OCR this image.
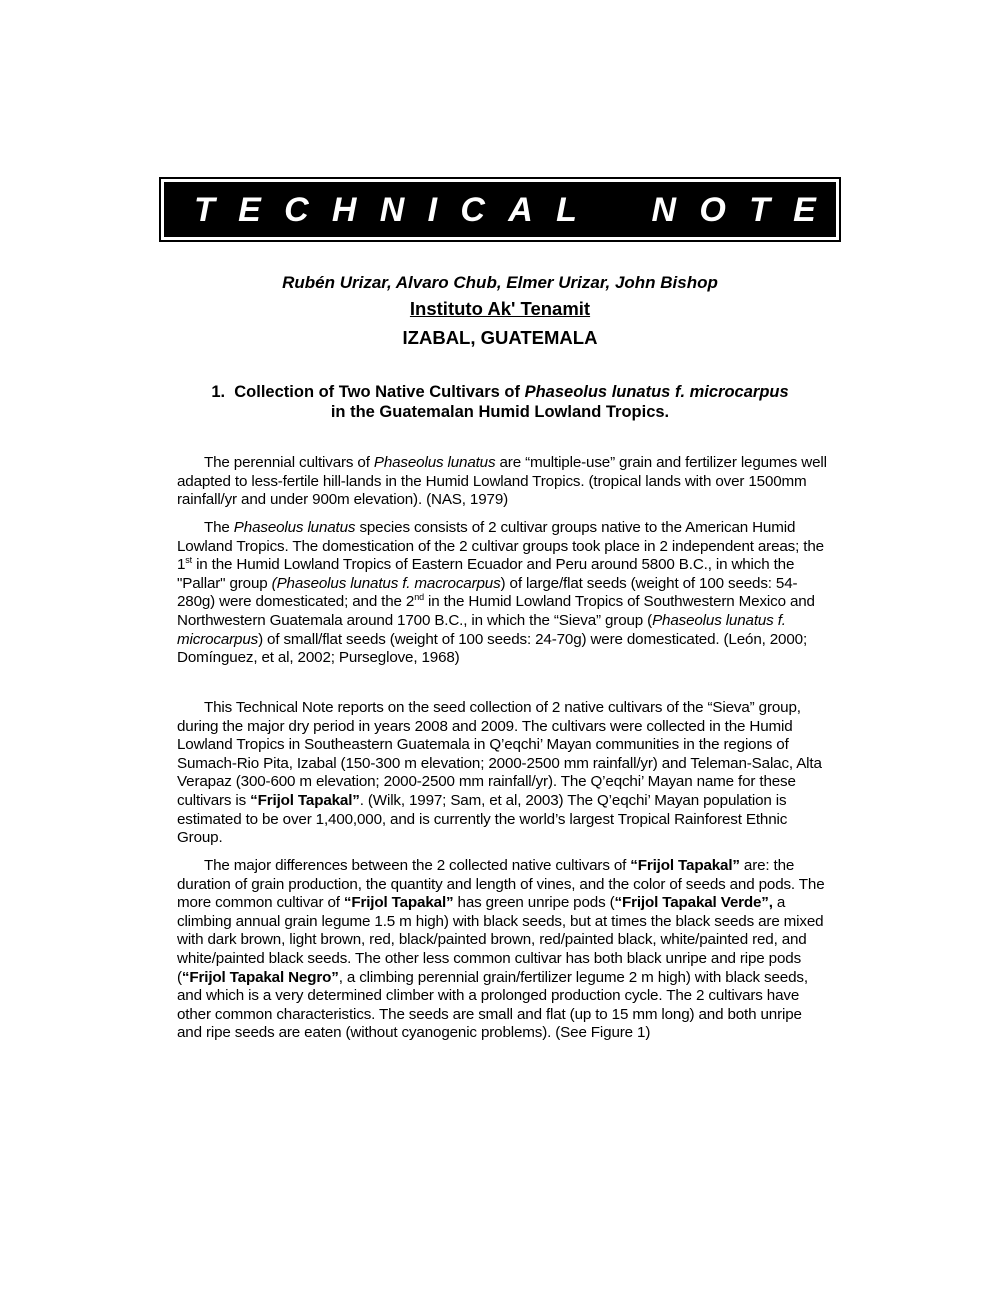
T E C H N I C A L N O T E
Rubén Urizar, Alvaro Chub, Elmer Urizar, John Bishop
Instituto Ak' Tenamit
IZABAL, GUATEMALA
1. Collection of Two Native Cultivars of Phaseolus lunatus f. microcarpus
in the Guatemalan Humid Lowland Tropics.

The perennial cultivars of Phaseolus lunatus are “multiple-use” grain and fertilizer legumes well adapted to less-fertile hill-lands in the Humid Lowland Tropics. (tropical lands with over 1500mm rainfall/yr and under 900m elevation). (NAS, 1979)

The Phaseolus lunatus species consists of 2 cultivar groups native to the American Humid Lowland Tropics. The domestication of the 2 cultivar groups took place in 2 independent areas; the 1st in the Humid Lowland Tropics of Eastern Ecuador and Peru around 5800 B.C., in which the "Pallar" group (Phaseolus lunatus f. macrocarpus) of large/flat seeds (weight of 100 seeds: 54-280g) were domesticated; and the 2nd in the Humid Lowland Tropics of Southwestern Mexico and Northwestern Guatemala around 1700 B.C., in which the “Sieva” group (Phaseolus lunatus f. microcarpus) of small/flat seeds (weight of 100 seeds: 24-70g) were domesticated. (León, 2000; Domínguez, et al, 2002; Purseglove, 1968)

This Technical Note reports on the seed collection of 2 native cultivars of the “Sieva” group, during the major dry period in years 2008 and 2009. The cultivars were collected in the Humid Lowland Tropics in Southeastern Guatemala in Q’eqchi’ Mayan communities in the regions of Sumach-Rio Pita, Izabal (150-300 m elevation; 2000-2500 mm rainfall/yr) and Teleman-Salac, Alta Verapaz (300-600 m elevation; 2000-2500 mm rainfall/yr). The Q’eqchi’ Mayan name for these cultivars is “Frijol Tapakal”. (Wilk, 1997; Sam, et al, 2003) The Q’eqchi’ Mayan population is estimated to be over 1,400,000, and is currently the world’s largest Tropical Rainforest Ethnic Group.

The major differences between the 2 collected native cultivars of “Frijol Tapakal” are: the duration of grain production, the quantity and length of vines, and the color of seeds and pods. The more common cultivar of “Frijol Tapakal” has green unripe pods (“Frijol Tapakal Verde”, a climbing annual grain legume 1.5 m high) with black seeds, but at times the black seeds are mixed with dark brown, light brown, red, black/painted brown, red/painted black, white/painted red, and white/painted black seeds. The other less common cultivar has both black unripe and ripe pods (“Frijol Tapakal Negro”, a climbing perennial grain/fertilizer legume 2 m high) with black seeds, and which is a very determined climber with a prolonged production cycle. The 2 cultivars have other common characteristics. The seeds are small and flat (up to 15 mm long) and both unripe and ripe seeds are eaten (without cyanogenic problems). (See Figure 1)
